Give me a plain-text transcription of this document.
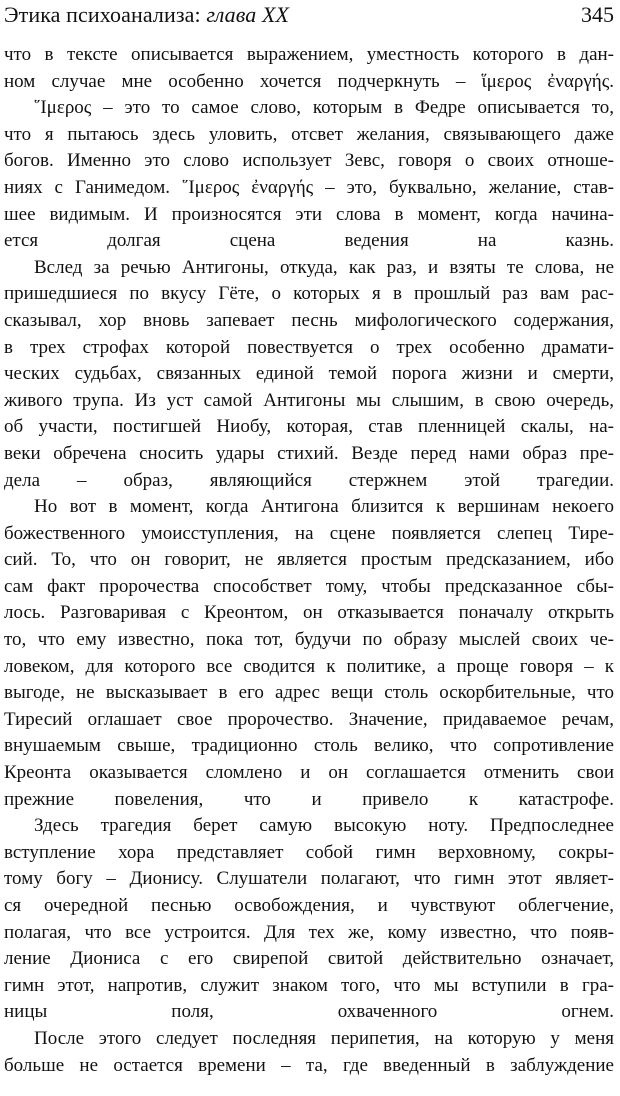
Этика психоанализа: глава XX	345
что в тексте описывается выражением, уместность которого в дан-
ном случае мне особенно хочется подчеркнуть – ἵμερος ἐναργής.
῞Ιμερος – это то самое слово, которым в Федре описывается то,
что я пытаюсь здесь уловить, отсвет желания, связывающего даже
богов. Именно это слово использует Зевс, говоря о своих отноше-
ниях с Ганимедом. ῞Ιμερος ἐναργής – это, буквально, желание, став-
шее видимым. И произносятся эти слова в момент, когда начина-
ется долгая сцена ведения на казнь.
Вслед за речью Антигоны, откуда, как раз, и взяты те слова, не
пришедшиеся по вкусу Гёте, о которых я в прошлый раз вам рас-
сказывал, хор вновь запевает песнь мифологического содержания,
в трех строфах которой повествуется о трех особенно драмати-
ческих судьбах, связанных единой темой порога жизни и смерти,
живого трупа. Из уст самой Антигоны мы слышим, в свою очередь,
об участи, постигшей Ниобу, которая, став пленницей скалы, на-
веки обречена сносить удары стихий. Везде перед нами образ пре-
дела – образ, являющийся стержнем этой трагедии.
Но вот в момент, когда Антигона близится к вершинам некоего
божественного умоисступления, на сцене появляется слепец Тире-
сий. То, что он говорит, не является простым предсказанием, ибо
сам факт пророчества способствет тому, чтобы предсказанное сбы-
лось. Разговаривая с Креонтом, он отказывается поначалу открыть
то, что ему известно, пока тот, будучи по образу мыслей своих че-
ловеком, для которого все сводится к политике, а проще говоря – к
выгоде, не высказывает в его адрес вещи столь оскорбительные, что
Тиресий оглашает свое пророчество. Значение, придаваемое речам,
внушаемым свыше, традиционно столь велико, что сопротивление
Креонта оказывается сломлено и он соглашается отменить свои
прежние повеления, что и привело к катастрофе.
Здесь трагедия берет самую высокую ноту. Предпоследнее
вступление хора представляет собой гимн верховному, сокры-
тому богу – Дионису. Слушатели полагают, что гимн этот являет-
ся очередной песнью освобождения, и чувствуют облегчение,
полагая, что все устроится. Для тех же, кому известно, что появ-
ление Диониса с его свирепой свитой действительно означает,
гимн этот, напротив, служит знаком того, что мы вступили в гра-
ницы поля, охваченного огнем.
После этого следует последняя перипетия, на которую у меня
больше не остается времени – та, где введенный в заблуждение
